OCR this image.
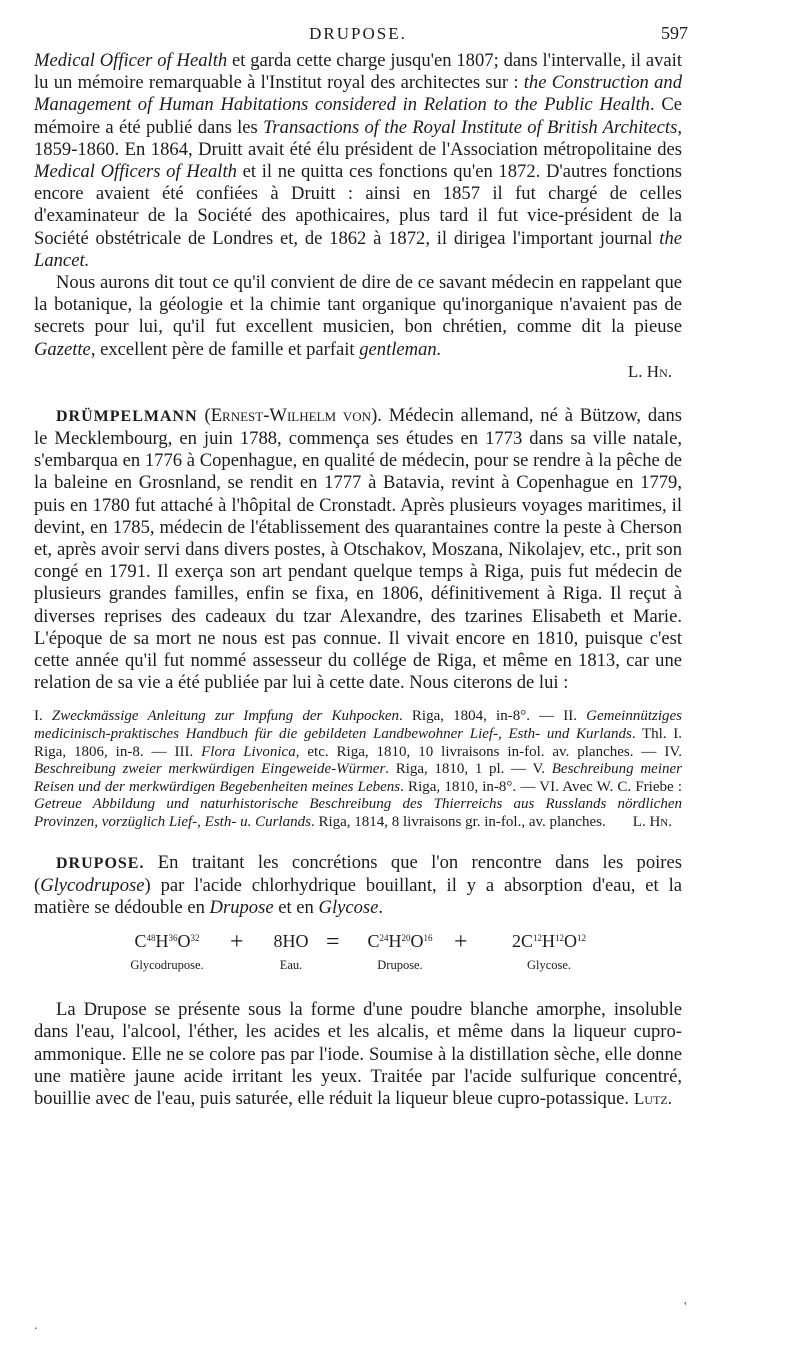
DRUPOSE.	597

Medical Officer of Health et garda cette charge jusqu'en 1807; dans l'intervalle, il avait lu un mémoire remarquable à l'Institut royal des architectes sur : the Construction and Management of Human Habitations considered in Relation to the Public Health. Ce mémoire a été publié dans les Transactions of the Royal Institute of British Architects, 1859-1860. En 1864, Druitt avait été élu président de l'Association métropolitaine des Medical Officers of Health et il ne quitta ces fonctions qu'en 1872. D'autres fonctions encore avaient été confiées à Druitt : ainsi en 1857 il fut chargé de celles d'examinateur de la Société des apothicaires, plus tard il fut vice-président de la Société obstétricale de Londres et, de 1862 à 1872, il dirigea l'important journal the Lancet.

Nous aurons dit tout ce qu'il convient de dire de ce savant médecin en rappelant que la botanique, la géologie et la chimie tant organique qu'inorganique n'avaient pas de secrets pour lui, qu'il fut excellent musicien, bon chrétien, comme dit la pieuse Gazette, excellent père de famille et parfait gentleman.

L. Hn.

DRÜMPELMANN (Ernest-Wilhelm von). Médecin allemand, né à Bützow, dans le Mecklembourg, en juin 1788, commença ses études en 1773 dans sa ville natale, s'embarqua en 1776 à Copenhague, en qualité de médecin, pour se rendre à la pêche de la baleine en Grosnland, se rendit en 1777 à Batavia, revint à Copenhague en 1779, puis en 1780 fut attaché à l'hôpital de Cronstadt. Après plusieurs voyages maritimes, il devint, en 1785, médecin de l'établissement des quarantaines contre la peste à Cherson et, après avoir servi dans divers postes, à Otschakov, Moszana, Nikolajev, etc., prit son congé en 1791. Il exerça son art pendant quelque temps à Riga, puis fut médecin de plusieurs grandes familles, enfin se fixa, en 1806, définitivement à Riga. Il reçut à diverses reprises des cadeaux du tzar Alexandre, des tzarines Elisabeth et Marie. L'époque de sa mort ne nous est pas connue. Il vivait encore en 1810, puisque c'est cette année qu'il fut nommé assesseur du collége de Riga, et même en 1813, car une relation de sa vie a été publiée par lui à cette date. Nous citerons de lui :

I. Zweckmässige Anleitung zur Impfung der Kuhpocken. Riga, 1804, in-8°. — II. Gemeinnütziges medicinisch-praktisches Handbuch für die gebildeten Landbewohner Lief-, Esth- und Kurlands. Thl. I. Riga, 1806, in-8. — III. Flora Livonica, etc. Riga, 1810, 10 livraisons in-fol. av. planches. — IV. Beschreibung zweier merkwürdigen Eingeweide-Würmer. Riga, 1810, 1 pl. — V. Beschreibung meiner Reisen und der merkwürdigen Begebenheiten meines Lebens. Riga, 1810, in-8°. — VI. Avec W. C. Friebe : Getreue Abbildung und naturhistorische Beschreibung des Thierreichs aus Russlands nördlichen Provinzen, vorzüglich Lief-, Esth- u. Curlands. Riga, 1814, 8 livraisons gr. in-fol., av. planches. L. Hn.

DRUPOSE. En traitant les concrétions que l'on rencontre dans les poires (Glycodrupose) par l'acide chlorhydrique bouillant, il y a absorption d'eau, et la matière se dédouble en Drupose et en Glycose.

$C^{48}H^{36}O^{32}$
Glycodrupose.
+	8HO
Eau.
=	$C^{24}H^{20}O^{16}$
Drupose.
+	$2C^{12}H^{12}O^{12}$
Glycose.

La Drupose se présente sous la forme d'une poudre blanche amorphe, insoluble dans l'eau, l'alcool, l'éther, les acides et les alcalis, et même dans la liqueur cupro-ammonique. Elle ne se colore pas par l'iode. Soumise à la distillation sèche, elle donne une matière jaune acide irritant les yeux. Traitée par l'acide sulfurique concentré, bouillie avec de l'eau, puis saturée, elle réduit la liqueur bleue cupro-potassique. Lutz.

'
.
